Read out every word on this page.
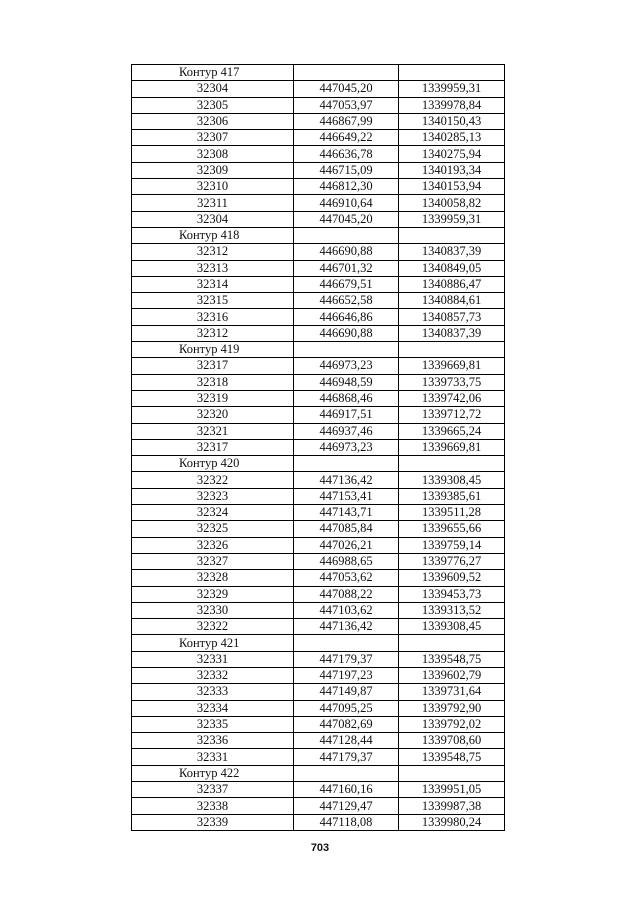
Контур 417		
32304	447045,20	1339959,31
32305	447053,97	1339978,84
32306	446867,99	1340150,43
32307	446649,22	1340285,13
32308	446636,78	1340275,94
32309	446715,09	1340193,34
32310	446812,30	1340153,94
32311	446910,64	1340058,82
32304	447045,20	1339959,31
Контур 418		
32312	446690,88	1340837,39
32313	446701,32	1340849,05
32314	446679,51	1340886,47
32315	446652,58	1340884,61
32316	446646,86	1340857,73
32312	446690,88	1340837,39
Контур 419		
32317	446973,23	1339669,81
32318	446948,59	1339733,75
32319	446868,46	1339742,06
32320	446917,51	1339712,72
32321	446937,46	1339665,24
32317	446973,23	1339669,81
Контур 420		
32322	447136,42	1339308,45
32323	447153,41	1339385,61
32324	447143,71	1339511,28
32325	447085,84	1339655,66
32326	447026,21	1339759,14
32327	446988,65	1339776,27
32328	447053,62	1339609,52
32329	447088,22	1339453,73
32330	447103,62	1339313,52
32322	447136,42	1339308,45
Контур 421		
32331	447179,37	1339548,75
32332	447197,23	1339602,79
32333	447149,87	1339731,64
32334	447095,25	1339792,90
32335	447082,69	1339792,02
32336	447128,44	1339708,60
32331	447179,37	1339548,75
Контур 422		
32337	447160,16	1339951,05
32338	447129,47	1339987,38
32339	447118,08	1339980,24
703
